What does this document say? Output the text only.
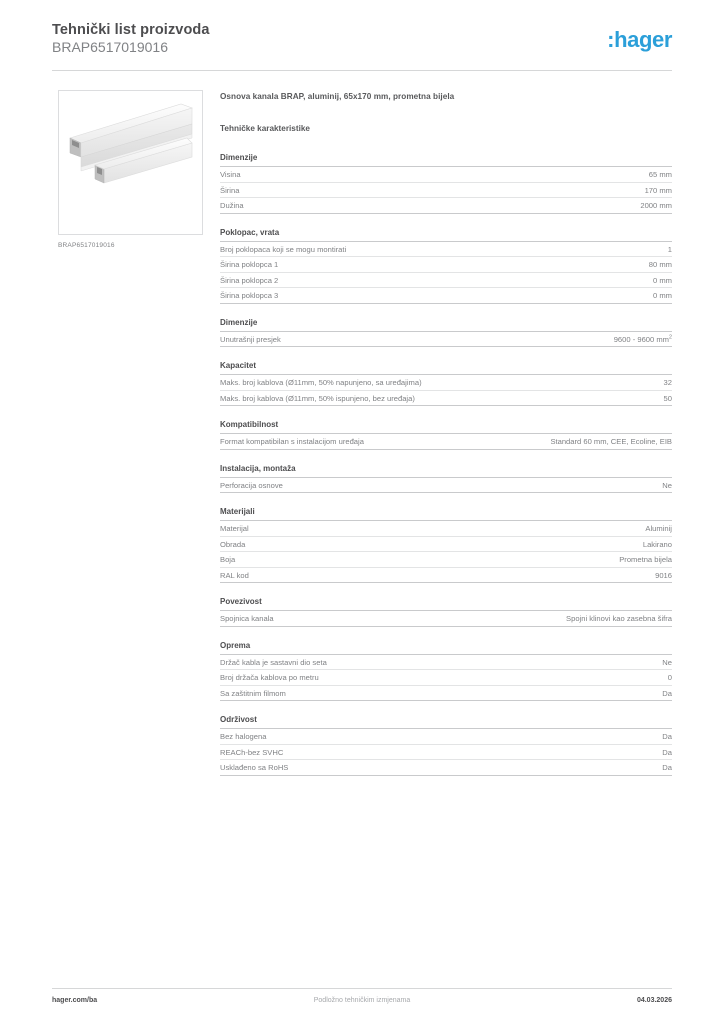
Tehnički list proizvoda
BRAP6517019016	:hager
BRAP6517019016
Osnova kanala BRAP, aluminij, 65x170 mm, prometna bijela
Tehničke karakteristike
Dimenzije
Visina	65 mm
Širina	170 mm
Dužina	2000 mm
Poklopac, vrata
Broj poklopaca koji se mogu montirati	1
Širina poklopca 1	80 mm
Širina poklopca 2	0 mm
Širina poklopca 3	0 mm
Dimenzije
Unutrašnji presjek	9600 - 9600 $mm^2$
Kapacitet
Maks. broj kablova (Ø11mm, 50% napunjeno, sa uređajima)	32
Maks. broj kablova (Ø11mm, 50% ispunjeno, bez uređaja)	50
Kompatibilnost
Format kompatibilan s instalacijom uređaja	Standard 60 mm, CEE, Ecoline, EIB
Instalacija, montaža
Perforacija osnove	Ne
Materijali
Materijal	Aluminij
Obrada	Lakirano
Boja	Prometna bijela
RAL kod	9016
Povezivost
Spojnica kanala	Spojni klinovi kao zasebna šifra
Oprema
Držač kabla je sastavni dio seta	Ne
Broj držača kablova po metru	0
Sa zaštitnim filmom	Da
Održivost
Bez halogena	Da
REACh-bez SVHC	Da
Usklađeno sa RoHS	Da
hager.com/ba	Podložno tehničkim izmjenama	04.03.2026
